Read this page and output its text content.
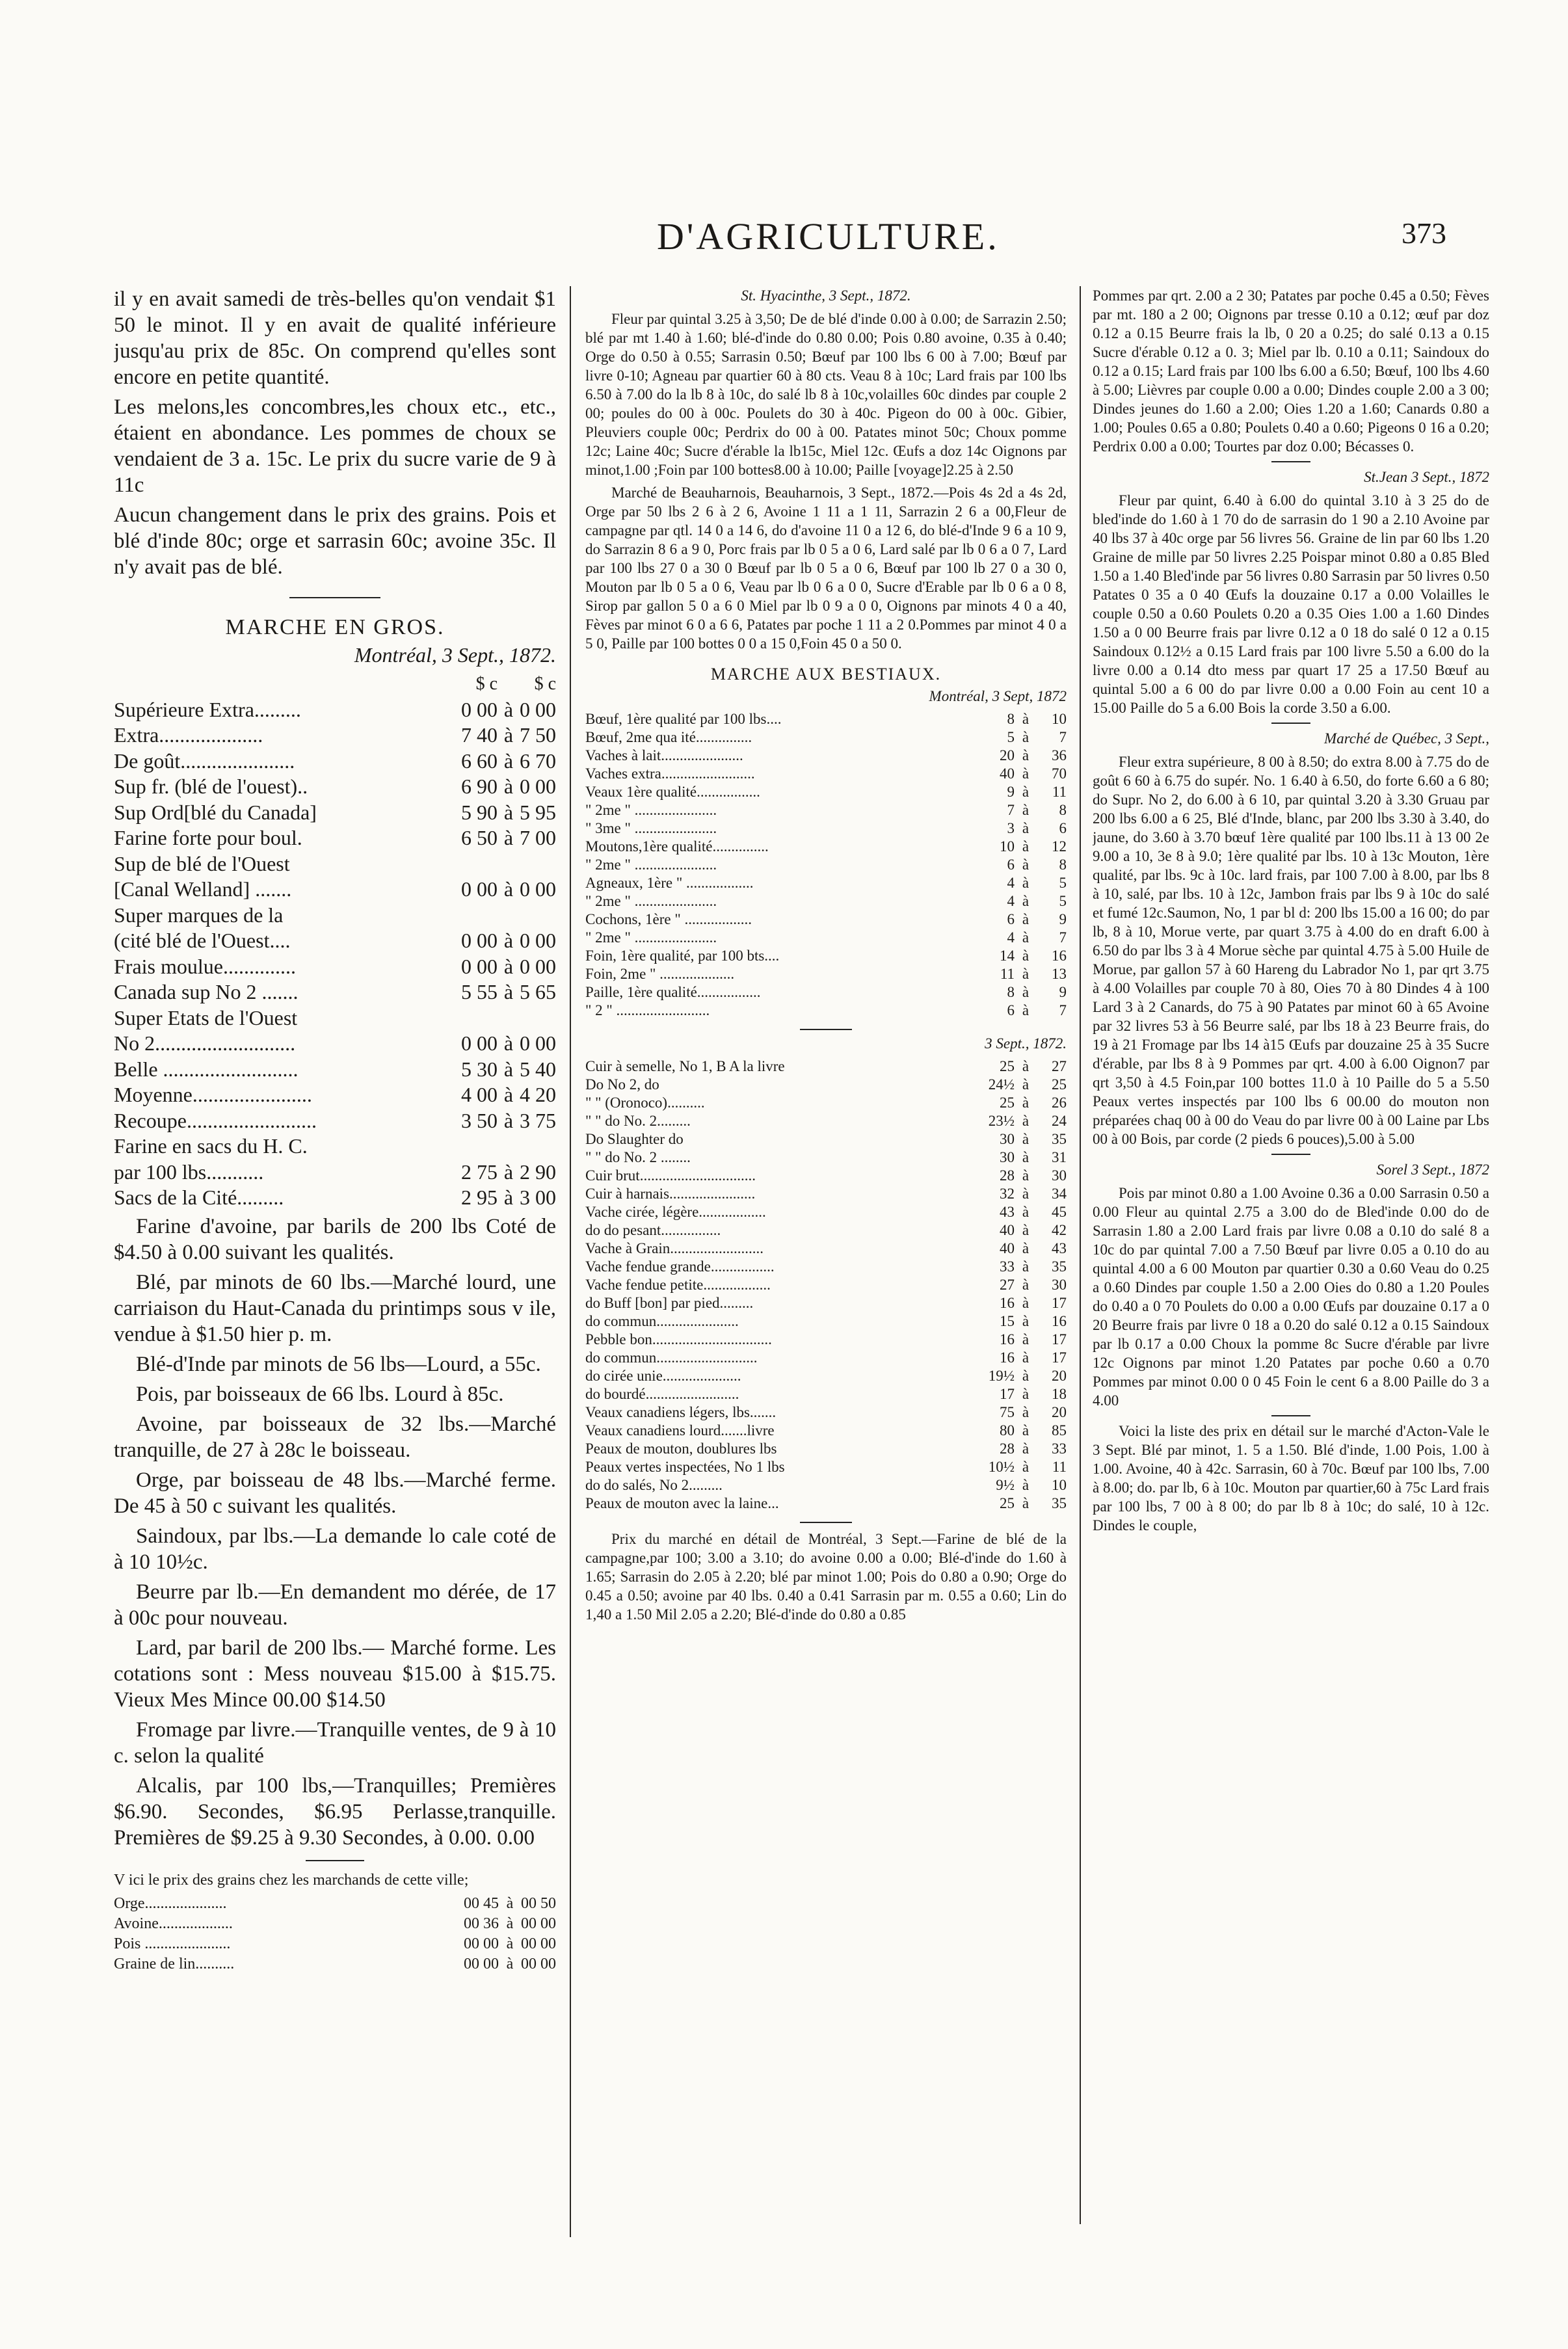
D'AGRICULTURE.	373

il y en avait samedi de très-belles qu'on vendait $1 50 le minot. Il y en avait de qualité inférieure jusqu'au prix de 85c. On comprend qu'elles sont encore en petite quantité.

Les melons,les concombres,les choux etc., etc., étaient en abondance. Les pommes de choux se vendaient de 3 a. 15c. Le prix du sucre varie de 9 à 11c

Aucun changement dans le prix des grains. Pois et blé d'inde 80c; orge et sarrasin 60c; avoine 35c. Il n'y avait pas de blé.

MARCHE EN GROS.
Montréal, 3 Sept., 1872.
	$ c		$ c
Supérieure Extra.........	0 00	à	0 00
Extra....................	7 40	à	7 50
De goût......................	6 60	à	6 70
Sup fr. (blé de l'ouest)..	6 90	à	0 00
Sup Ord[blé du Canada]	5 90	à	5 95
Farine forte pour boul.	6 50	à	7 00
Sup de blé de l'Ouest			
[Canal Welland] .......	0 00	à	0 00
Super marques de la			
(cité blé de l'Ouest....	0 00	à	0 00
Frais moulue..............	0 00	à	0 00
Canada sup No 2 .......	5 55	à	5 65
Super Etats de l'Ouest			
No 2...........................	0 00	à	0 00
Belle ..........................	5 30	à	5 40
Moyenne.......................	4 00	à	4 20
Recoupe.........................	3 50	à	3 75
Farine en sacs du H. C.			
par 100 lbs...........	2 75	à	2 90
Sacs de la Cité.........	2 95	à	3 00

Farine d'avoine, par barils de 200 lbs Coté de $4.50 à 0.00 suivant les qualités.

Blé, par minots de 60 lbs.—Marché lourd, une carriaison du Haut-Canada du printimps sous v ile, vendue à $1.50 hier p. m.

Blé-d'Inde par minots de 56 lbs—Lourd, a 55c.

Pois, par boisseaux de 66 lbs. Lourd à 85c.

Avoine, par boisseaux de 32 lbs.—Marché tranquille, de 27 à 28c le boisseau.

Orge, par boisseau de 48 lbs.—Marché ferme. De 45 à 50 c suivant les qualités.

Saindoux, par lbs.—La demande lo cale coté de à 10 10½c.

Beurre par lb.—En demandent mo dérée, de 17 à 00c pour nouveau.

Lard, par baril de 200 lbs.— Marché forme. Les cotations sont : Mess nouveau $15.00 à $15.75. Vieux Mes Mince 00.00 $14.50

Fromage par livre.—Tranquille ventes, de 9 à 10 c. selon la qualité

Alcalis, par 100 lbs,—Tranquilles; Premières $6.90. Secondes, $6.95 Perlasse,tranquille. Premières de $9.25 à 9.30 Secondes, à 0.00. 0.00

V ici le prix des grains chez les marchands de cette ville;

Orge.....................	00 45	à	00 50
Avoine...................	00 36	à	00 00
Pois ......................	00 00	à	00 00
Graine de lin..........	00 00	à	00 00
St. Hyacinthe, 3 Sept., 1872.

Fleur par quintal 3.25 à 3,50; De de blé d'inde 0.00 à 0.00; de Sarrazin 2.50; blé par mt 1.40 à 1.60; blé-d'inde do 0.80 0.00; Pois 0.80 avoine, 0.35 à 0.40; Orge do 0.50 à 0.55; Sarrasin 0.50; Bœuf par 100 lbs 6 00 à 7.00; Bœuf par livre 0-10; Agneau par quartier 60 à 80 cts. Veau 8 à 10c; Lard frais par 100 lbs 6.50 à 7.00 do la lb 8 à 10c, do salé lb 8 à 10c,volailles 60c dindes par couple 2 00; poules do 00 à 00c. Poulets do 30 à 40c. Pigeon do 00 à 00c. Gibier, Pleuviers couple 00c; Perdrix do 00 à 00. Patates minot 50c; Choux pomme 12c; Laine 40c; Sucre d'érable la lb15c, Miel 12c. Œufs a doz 14c Oignons par minot,1.00 ;Foin par 100 bottes8.00 à 10.00; Paille [voyage]2.25 à 2.50

Marché de Beauharnois, Beauharnois, 3 Sept., 1872.—Pois 4s 2d a 4s 2d, Orge par 50 lbs 2 6 à 2 6, Avoine 1 11 a 1 11, Sarrazin 2 6 a 00,Fleur de campagne par qtl. 14 0 a 14 6, do d'avoine 11 0 a 12 6, do blé-d'Inde 9 6 a 10 9, do Sarrazin 8 6 a 9 0, Porc frais par lb 0 5 a 0 6, Lard salé par lb 0 6 a 0 7, Lard par 100 lbs 27 0 a 30 0 Bœuf par lb 0 5 a 0 6, Bœuf par 100 lb 27 0 a 30 0, Mouton par lb 0 5 a 0 6, Veau par lb 0 6 a 0 0, Sucre d'Erable par lb 0 6 a 0 8, Sirop par gallon 5 0 a 6 0 Miel par lb 0 9 a 0 0, Oignons par minots 4 0 a 40, Fèves par minot 6 0 a 6 6, Patates par poche 1 11 a 2 0.Pommes par minot 4 0 a 5 0, Paille par 100 bottes 0 0 a 15 0,Foin 45 0 a 50 0.

MARCHE AUX BESTIAUX.
Montréal, 3 Sept, 1872
Bœuf, 1ère qualité par 100 lbs....	8	à	10
Bœuf, 2me qua ité...............	5	à	7
Vaches à lait......................	20	à	36
Vaches extra.........................	40	à	70
Veaux 1ère qualité.................	9	à	11
" 2me " ......................	7	à	8
" 3me " ......................	3	à	6
Moutons,1ère qualité...............	10	à	12
" 2me " ......................	6	à	8
Agneaux, 1ère " ..................	4	à	5
" 2me " ......................	4	à	5
Cochons, 1ère " ..................	6	à	9
" 2me " ......................	4	à	7
Foin, 1ère qualité, par 100 bts....	14	à	16
Foin, 2me " ....................	11	à	13
Paille, 1ère qualité.................	8	à	9
" 2 " .........................	6	à	7
3 Sept., 1872.
Cuir à semelle, No 1, B A la livre	25	à	27
Do No 2, do	24½	à	25
" " (Oronoco)..........	25	à	26
" " do No. 2.........	23½	à	24
Do Slaughter do	30	à	35
" " do No. 2 ........	30	à	31
Cuir brut...............................	28	à	30
Cuir à harnais.......................	32	à	34
Vache cirée, légère..................	43	à	45
do do pesant................	40	à	42
Vache à Grain.........................	40	à	43
Vache fendue grande.................	33	à	35
Vache fendue petite..................	27	à	30
do Buff [bon] par pied.........	16	à	17
do commun......................	15	à	16
Pebble bon................................	16	à	17
do commun...........................	16	à	17
do cirée unie.....................	19½	à	20
do bourdé.........................	17	à	18
Veaux canadiens légers, lbs.......	75	à	20
Veaux canadiens lourd.......livre	80	à	85
Peaux de mouton, doublures lbs	28	à	33
Peaux vertes inspectées, No 1 lbs	10½	à	11
do do salés, No 2.........	9½	à	10
Peaux de mouton avec la laine...	25	à	35

Prix du marché en détail de Montréal, 3 Sept.—Farine de blé de la campagne,par 100; 3.00 a 3.10; do avoine 0.00 a 0.00; Blé-d'inde do 1.60 à 1.65; Sarrasin do 2.05 à 2.20; blé par minot 1.00; Pois do 0.80 a 0.90; Orge do 0.45 a 0.50; avoine par 40 lbs. 0.40 a 0.41 Sarrasin par m. 0.55 a 0.60; Lin do 1,40 a 1.50 Mil 2.05 a 2.20; Blé-d'inde do 0.80 a 0.85

Pommes par qrt. 2.00 a 2 30; Patates par poche 0.45 a 0.50; Fèves par mt. 180 a 2 00; Oignons par tresse 0.10 a 0.12; œuf par doz 0.12 a 0.15 Beurre frais la lb, 0 20 a 0.25; do salé 0.13 a 0.15 Sucre d'érable 0.12 a 0. 3; Miel par lb. 0.10 a 0.11; Saindoux do 0.12 a 0.15; Lard frais par 100 lbs 6.00 a 6.50; Bœuf, 100 lbs 4.60 à 5.00; Lièvres par couple 0.00 a 0.00; Dindes couple 2.00 a 3 00; Dindes jeunes do 1.60 a 2.00; Oies 1.20 a 1.60; Canards 0.80 a 1.00; Poules 0.65 a 0.80; Poulets 0.40 a 0.60; Pigeons 0 16 a 0.20; Perdrix 0.00 a 0.00; Tourtes par doz 0.00; Bécasses 0.

St.Jean 3 Sept., 1872

Fleur par quint, 6.40 à 6.00 do quintal 3.10 à 3 25 do de bled'inde do 1.60 à 1 70 do de sarrasin do 1 90 a 2.10 Avoine par 40 lbs 37 à 40c orge par 56 livres 56. Graine de lin par 60 lbs 1.20 Graine de mille par 50 livres 2.25 Poispar minot 0.80 a 0.85 Bled 1.50 a 1.40 Bled'inde par 56 livres 0.80 Sarrasin par 50 livres 0.50 Patates 0 35 a 0 40 Œufs la douzaine 0.17 a 0.00 Volailles le couple 0.50 a 0.60 Poulets 0.20 a 0.35 Oies 1.00 a 1.60 Dindes 1.50 a 0 00 Beurre frais par livre 0.12 a 0 18 do salé 0 12 a 0.15 Saindoux 0.12½ a 0.15 Lard frais par 100 livre 5.50 a 6.00 do la livre 0.00 a 0.14 dto mess par quart 17 25 a 17.50 Bœuf au quintal 5.00 a 6 00 do par livre 0.00 a 0.00 Foin au cent 10 a 15.00 Paille do 5 a 6.00 Bois la corde 3.50 a 6.00.

Marché de Québec, 3 Sept.,

Fleur extra supérieure, 8 00 à 8.50; do extra 8.00 à 7.75 do de goût 6 60 à 6.75 do supér. No. 1 6.40 à 6.50, do forte 6.60 a 6 80; do Supr. No 2, do 6.00 à 6 10, par quintal 3.20 à 3.30 Gruau par 200 lbs 6.00 a 6 25, Blé d'Inde, blanc, par 200 lbs 3.30 à 3.40, do jaune, do 3.60 à 3.70 bœuf 1ère qualité par 100 lbs.11 à 13 00 2e 9.00 a 10, 3e 8 à 9.0; 1ère qualité par lbs. 10 à 13c Mouton, 1ère qualité, par lbs. 9c à 10c. lard frais, par 100 7.00 à 8.00, par lbs 8 à 10, salé, par lbs. 10 à 12c, Jambon frais par lbs 9 à 10c do salé et fumé 12c.Saumon, No, 1 par bl d: 200 lbs 15.00 a 16 00; do par lb, 8 à 10, Morue verte, par quart 3.75 à 4.00 do en draft 6.00 à 6.50 do par lbs 3 à 4 Morue sèche par quintal 4.75 à 5.00 Huile de Morue, par gallon 57 à 60 Hareng du Labrador No 1, par qrt 3.75 à 4.00 Volailles par couple 70 à 80, Oies 70 à 80 Dindes 4 à 100 Lard 3 à 2 Canards, do 75 à 90 Patates par minot 60 à 65 Avoine par 32 livres 53 à 56 Beurre salé, par lbs 18 à 23 Beurre frais, do 19 à 21 Fromage par lbs 14 à15 Œufs par douzaine 25 à 35 Sucre d'érable, par lbs 8 à 9 Pommes par qrt. 4.00 à 6.00 Oignon7 par qrt 3,50 à 4.5 Foin,par 100 bottes 11.0 à 10 Paille do 5 a 5.50 Peaux vertes inspectés par 100 lbs 6 00.00 do mouton non préparées chaq 00 à 00 do Veau do par livre 00 à 00 Laine par Lbs 00 à 00 Bois, par corde (2 pieds 6 pouces),5.00 à 5.00

Sorel 3 Sept., 1872

Pois par minot 0.80 a 1.00 Avoine 0.36 a 0.00 Sarrasin 0.50 a 0.00 Fleur au quintal 2.75 a 3.00 do de Bled'inde 0.00 do de Sarrasin 1.80 a 2.00 Lard frais par livre 0.08 a 0.10 do salé 8 a 10c do par quintal 7.00 a 7.50 Bœuf par livre 0.05 a 0.10 do au quintal 4.00 a 6 00 Mouton par quartier 0.30 a 0.60 Veau do 0.25 a 0.60 Dindes par couple 1.50 a 2.00 Oies do 0.80 a 1.20 Poules do 0.40 a 0 70 Poulets do 0.00 a 0.00 Œufs par douzaine 0.17 a 0 20 Beurre frais par livre 0 18 a 0.20 do salé 0.12 a 0.15 Saindoux par lb 0.17 a 0.00 Choux la pomme 8c Sucre d'érable par livre 12c Oignons par minot 1.20 Patates par poche 0.60 a 0.70 Pommes par minot 0.00 0 0 45 Foin le cent 6 a 8.00 Paille do 3 a 4.00

Voici la liste des prix en détail sur le marché d'Acton-Vale le 3 Sept. Blé par minot, 1. 5 a 1.50. Blé d'inde, 1.00 Pois, 1.00 à 1.00. Avoine, 40 à 42c. Sarrasin, 60 à 70c. Bœuf par 100 lbs, 7.00 à 8.00; do. par lb, 6 à 10c. Mouton par quartier,60 à 75c Lard frais par 100 lbs, 7 00 à 8 00; do par lb 8 à 10c; do salé, 10 à 12c. Dindes le couple,
